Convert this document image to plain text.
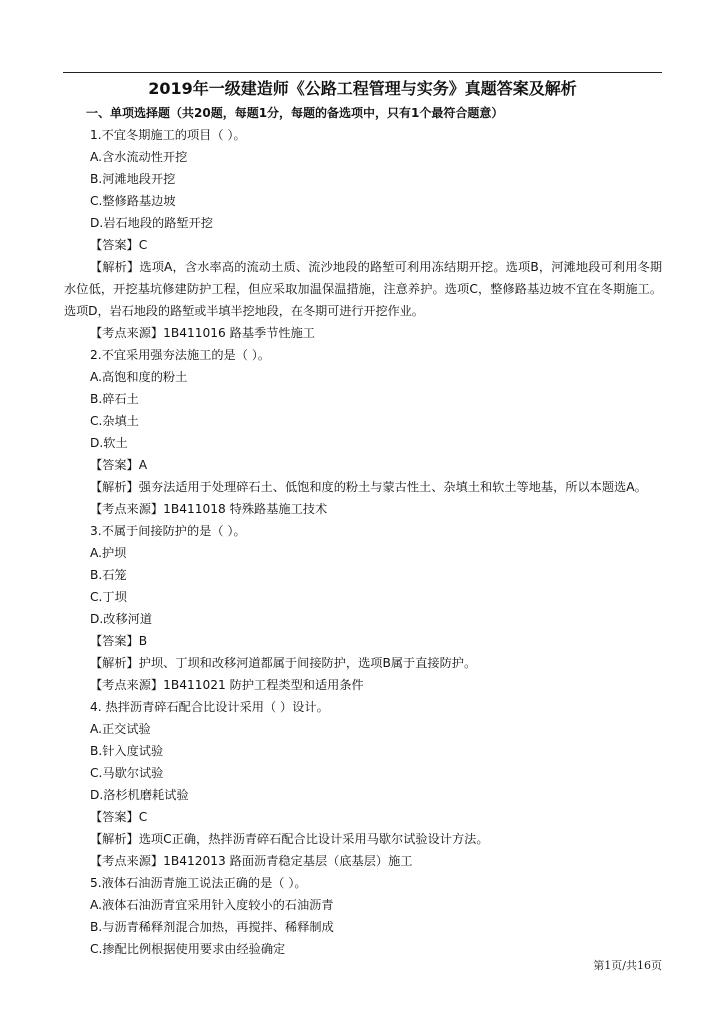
2019年一级建造师《公路工程管理与实务》真题答案及解析
一、单项选择题（共20题，每题1分，每题的备选项中，只有1个最符合题意）
1.不宜冬期施工的项目（ ）。
A.含水流动性开挖
B.河滩地段开挖
C.整修路基边坡
D.岩石地段的路堑开挖
【答案】C
【解析】选项A，含水率高的流动土质、流沙地段的路堑可利用冻结期开挖。选项B，河滩地段可利用冬期水位低，开挖基坑修建防护工程，但应采取加温保温措施，注意养护。选项C，整修路基边坡不宜在冬期施工。选项D，岩石地段的路堑或半填半挖地段，在冬期可进行开挖作业。
【考点来源】1B411016 路基季节性施工
2.不宜采用强夯法施工的是（ ）。
A.高饱和度的粉土
B.碎石土
C.杂填土
D.软土
【答案】A
【解析】强夯法适用于处理碎石土、低饱和度的粉土与蒙古性土、杂填土和软土等地基，所以本题选A。
【考点来源】1B411018 特殊路基施工技术
3.不属于间接防护的是（ ）。
A.护坝
B.石笼
C.丁坝
D.改移河道
【答案】B
【解析】护坝、丁坝和改移河道都属于间接防护，选项B属于直接防护。
【考点来源】1B411021 防护工程类型和适用条件
4. 热拌沥青碎石配合比设计采用（ ）设计。
A.正交试验
B.针入度试验
C.马歇尔试验
D.洛杉机磨耗试验
【答案】C
【解析】选项C正确，热拌沥青碎石配合比设计采用马歇尔试验设计方法。
【考点来源】1B412013 路面沥青稳定基层（底基层）施工
5.液体石油沥青施工说法正确的是（ ）。
A.液体石油沥青宜采用针入度较小的石油沥青
B.与沥青稀释剂混合加热，再搅拌、稀释制成
C.掺配比例根据使用要求由经验确定
第1页/共16页
